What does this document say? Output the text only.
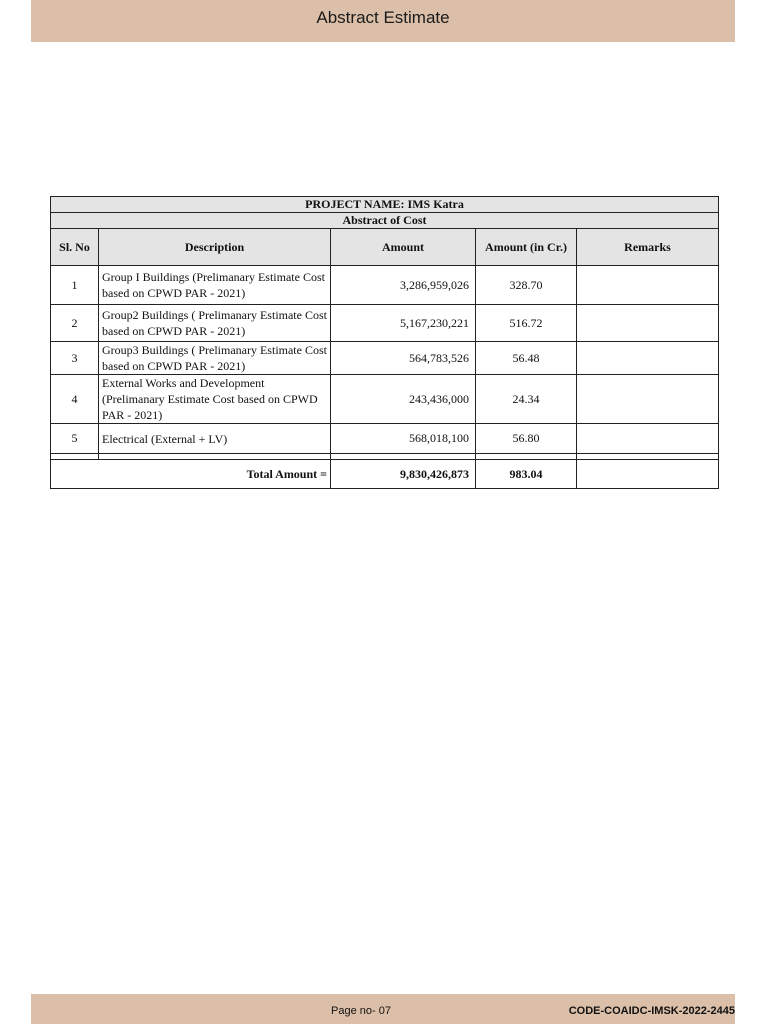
Abstract Estimate
PROJECT NAME: IMS Katra				
Abstract of Cost				
Sl. No	Description	Amount	Amount (in Cr.)	Remarks
1	Group I Buildings (Prelimanary Estimate Cost based on CPWD PAR - 2021)	3,286,959,026	328.70	
2	Group2 Buildings ( Prelimanary Estimate Cost based on CPWD PAR - 2021)	5,167,230,221	516.72	
3	Group3 Buildings ( Prelimanary Estimate Cost based on CPWD PAR - 2021)	564,783,526	56.48	
4	External Works and Development (Prelimanary Estimate Cost based on CPWD PAR - 2021)	243,436,000	24.34	
5	Electrical (External + LV)	568,018,100	56.80	

Total Amount =		9,830,426,873	983.04	
Page no- 07	CODE-COAIDC-IMSK-2022-2445
